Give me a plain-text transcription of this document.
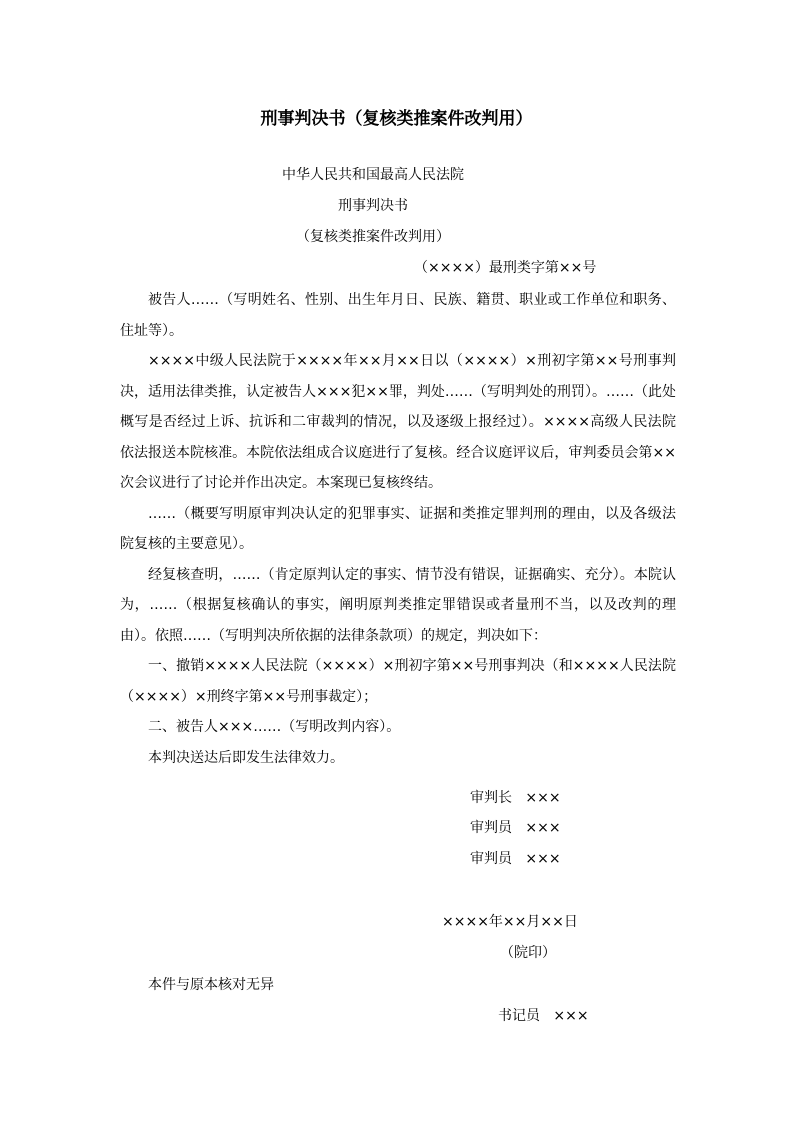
刑事判决书（复核类推案件改判用）
中华人民共和国最高人民法院
刑事判决书
（复核类推案件改判用）
（××××）最刑类字第××号

被告人……（写明姓名、性别、出生年月日、民族、籍贯、职业或工作单位和职务、住址等）。

××××中级人民法院于××××年××月××日以（××××）×刑初字第××号刑事判决，适用法律类推，认定被告人×××犯××罪，判处……（写明判处的刑罚）。……（此处概写是否经过上诉、抗诉和二审裁判的情况，以及逐级上报经过）。××××高级人民法院依法报送本院核准。本院依法组成合议庭进行了复核。经合议庭评议后，审判委员会第××次会议进行了讨论并作出决定。本案现已复核终结。

……（概要写明原审判决认定的犯罪事实、证据和类推定罪判刑的理由，以及各级法院复核的主要意见）。

经复核查明，……（肯定原判认定的事实、情节没有错误，证据确实、充分）。本院认为，……（根据复核确认的事实，阐明原判类推定罪错误或者量刑不当，以及改判的理由）。依照……（写明判决所依据的法律条款项）的规定，判决如下：

一、撤销××××人民法院（××××）×刑初字第××号刑事判决（和××××人民法院（××××）×刑终字第××号刑事裁定）；

二、被告人×××……（写明改判内容）。

本判决送达后即发生法律效力。

审判长 ×××
审判员 ×××
审判员 ×××
××××年××月××日
（院印）
本件与原本核对无异
书记员 ×××
